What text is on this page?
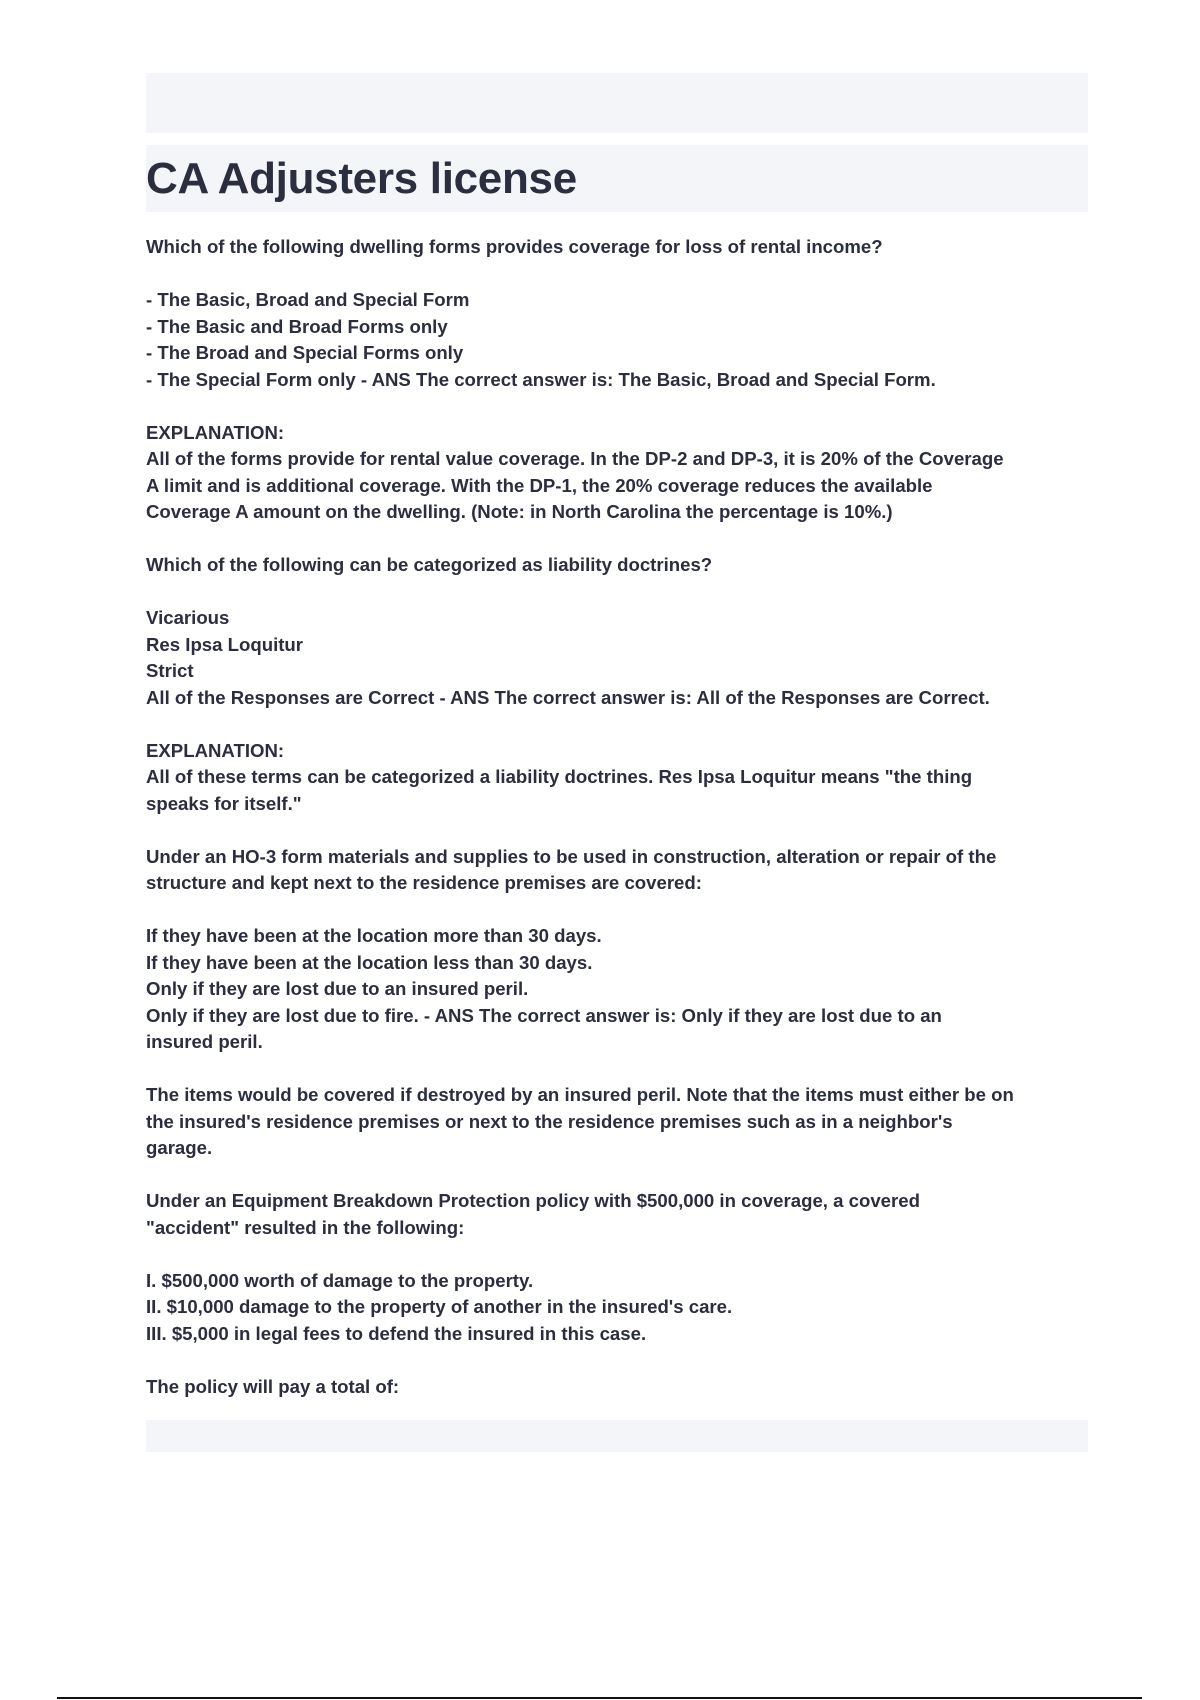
CA Adjusters license
Which of the following dwelling forms provides coverage for loss of rental income?
- The Basic, Broad and Special Form
- The Basic and Broad Forms only
- The Broad and Special Forms only
- The Special Form only - ANS The correct answer is: The Basic, Broad and Special Form.
EXPLANATION:
All of the forms provide for rental value coverage. In the DP-2 and DP-3, it is 20% of the Coverage
A limit and is additional coverage. With the DP-1, the 20% coverage reduces the available
Coverage A amount on the dwelling. (Note: in North Carolina the percentage is 10%.)
Which of the following can be categorized as liability doctrines?
Vicarious
Res Ipsa Loquitur
Strict
All of the Responses are Correct - ANS The correct answer is: All of the Responses are Correct.
EXPLANATION:
All of these terms can be categorized a liability doctrines. Res Ipsa Loquitur means "the thing
speaks for itself."
Under an HO-3 form materials and supplies to be used in construction, alteration or repair of the
structure and kept next to the residence premises are covered:
If they have been at the location more than 30 days.
If they have been at the location less than 30 days.
Only if they are lost due to an insured peril.
Only if they are lost due to fire. - ANS The correct answer is: Only if they are lost due to an
insured peril.
The items would be covered if destroyed by an insured peril. Note that the items must either be on
the insured's residence premises or next to the residence premises such as in a neighbor's
garage.
Under an Equipment Breakdown Protection policy with $500,000 in coverage, a covered
"accident" resulted in the following:
I. $500,000 worth of damage to the property.
II. $10,000 damage to the property of another in the insured's care.
III. $5,000 in legal fees to defend the insured in this case.
The policy will pay a total of:
